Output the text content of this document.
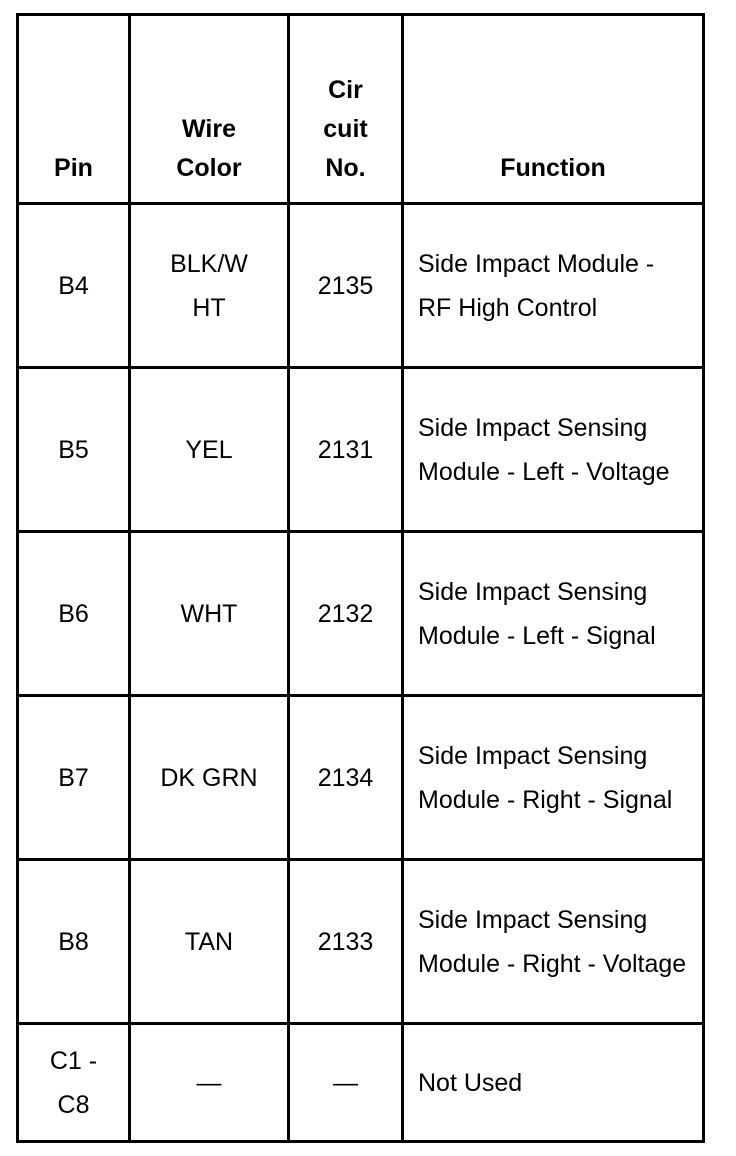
Pin	Wire Color	Cir cuit No.	Function
B4	BLK/W HT	2135	Side Impact Module - RF High Control
B5	YEL	2131	Side Impact Sensing Module - Left - Voltage
B6	WHT	2132	Side Impact Sensing Module - Left - Signal
B7	DK GRN	2134	Side Impact Sensing Module - Right - Signal
B8	TAN	2133	Side Impact Sensing Module - Right - Voltage
C1 - C8	—	—	Not Used
